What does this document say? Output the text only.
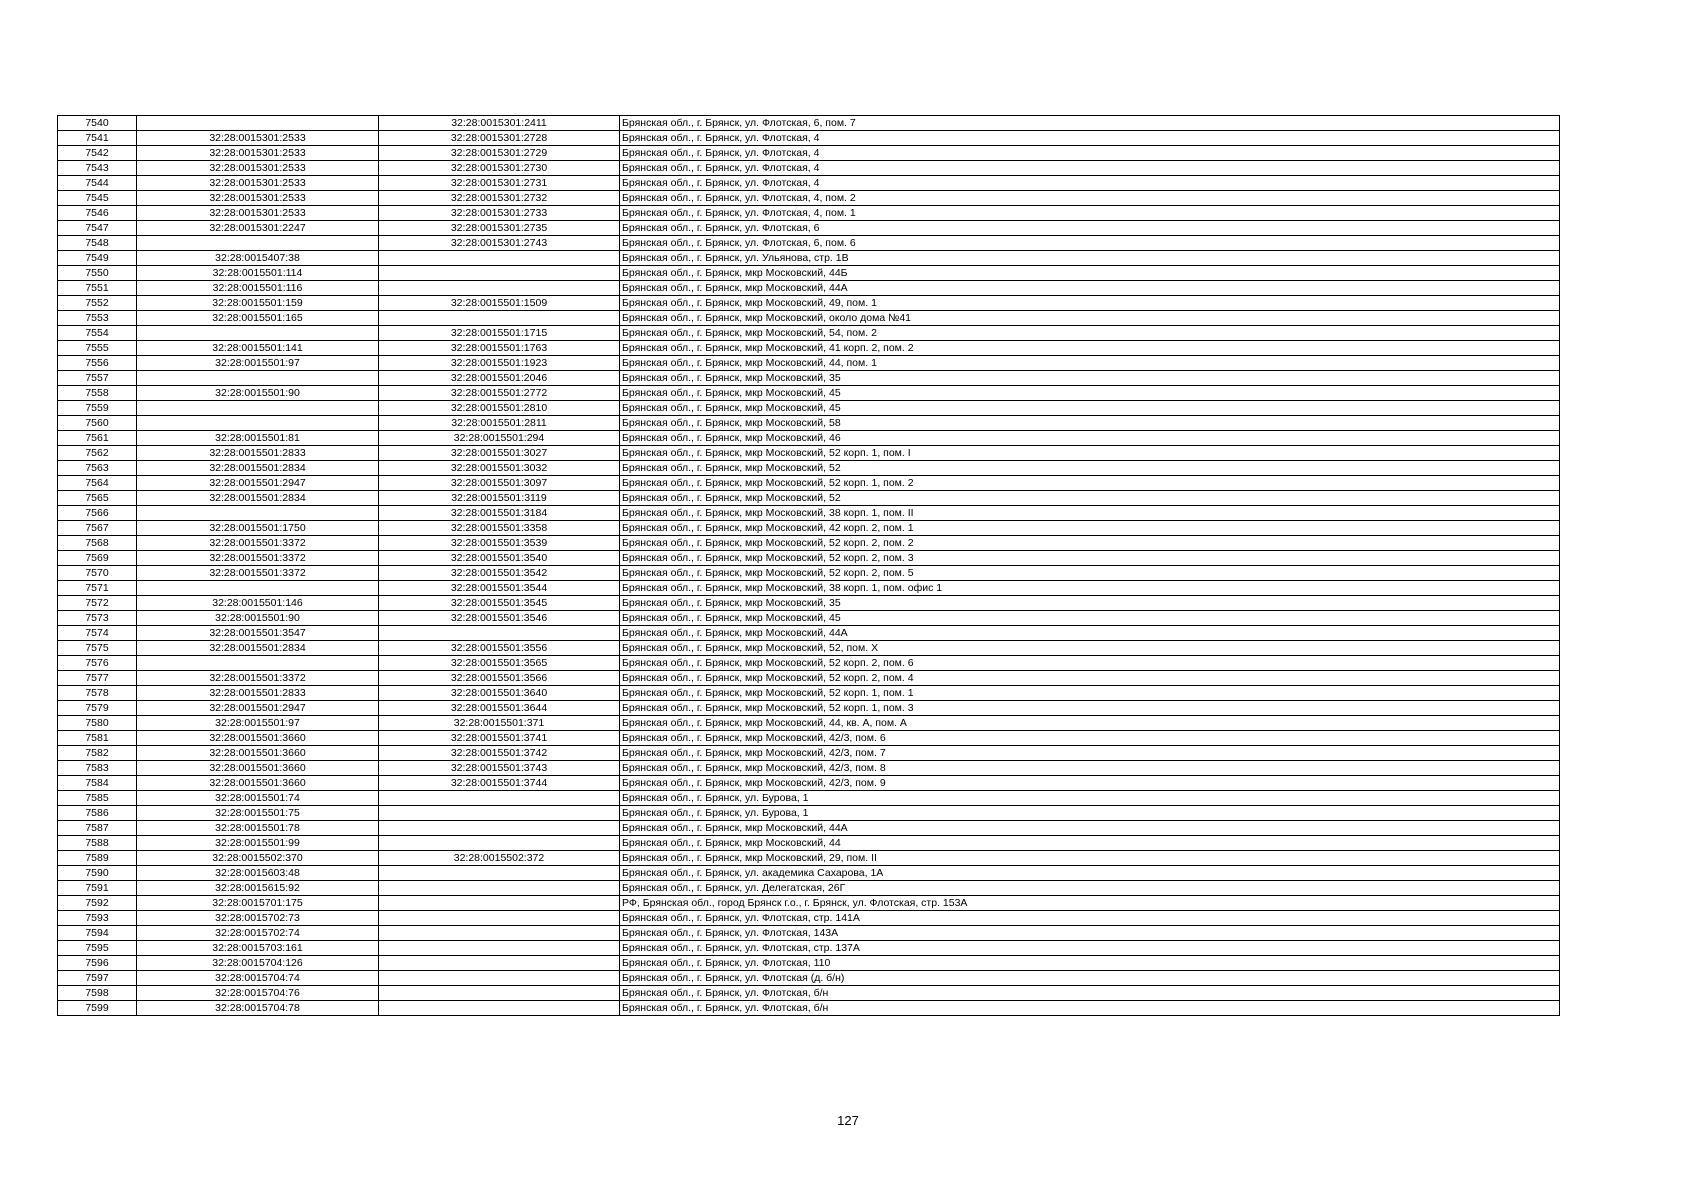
7540		32:28:0015301:2411	Брянская обл., г. Брянск, ул. Флотская, 6, пом. 7
7541	32:28:0015301:2533	32:28:0015301:2728	Брянская обл., г. Брянск, ул. Флотская, 4
7542	32:28:0015301:2533	32:28:0015301:2729	Брянская обл., г. Брянск, ул. Флотская, 4
7543	32:28:0015301:2533	32:28:0015301:2730	Брянская обл., г. Брянск, ул. Флотская, 4
7544	32:28:0015301:2533	32:28:0015301:2731	Брянская обл., г. Брянск, ул. Флотская, 4
7545	32:28:0015301:2533	32:28:0015301:2732	Брянская обл., г. Брянск, ул. Флотская, 4, пом. 2
7546	32:28:0015301:2533	32:28:0015301:2733	Брянская обл., г. Брянск, ул. Флотская, 4, пом. 1
7547	32:28:0015301:2247	32:28:0015301:2735	Брянская обл., г. Брянск, ул. Флотская, 6
7548		32:28:0015301:2743	Брянская обл., г. Брянск, ул. Флотская, 6, пом. 6
7549	32:28:0015407:38		Брянская обл., г. Брянск, ул. Ульянова, стр. 1В
7550	32:28:0015501:114		Брянская обл., г. Брянск, мкр Московский, 44Б
7551	32:28:0015501:116		Брянская обл., г. Брянск, мкр Московский, 44А
7552	32:28:0015501:159	32:28:0015501:1509	Брянская обл., г. Брянск, мкр Московский, 49, пом. 1
7553	32:28:0015501:165		Брянская обл., г. Брянск, мкр Московский, около дома №41
7554		32:28:0015501:1715	Брянская обл., г. Брянск, мкр Московский, 54, пом. 2
7555	32:28:0015501:141	32:28:0015501:1763	Брянская обл., г. Брянск, мкр Московский, 41 корп. 2, пом. 2
7556	32:28:0015501:97	32:28:0015501:1923	Брянская обл., г. Брянск, мкр Московский, 44, пом. 1
7557		32:28:0015501:2046	Брянская обл., г. Брянск, мкр Московский, 35
7558	32:28:0015501:90	32:28:0015501:2772	Брянская обл., г. Брянск, мкр Московский, 45
7559		32:28:0015501:2810	Брянская обл., г. Брянск, мкр Московский, 45
7560		32:28:0015501:2811	Брянская обл., г. Брянск, мкр Московский, 58
7561	32:28:0015501:81	32:28:0015501:294	Брянская обл., г. Брянск, мкр Московский, 46
7562	32:28:0015501:2833	32:28:0015501:3027	Брянская обл., г. Брянск, мкр Московский, 52 корп. 1, пом. I
7563	32:28:0015501:2834	32:28:0015501:3032	Брянская обл., г. Брянск, мкр Московский, 52
7564	32:28:0015501:2947	32:28:0015501:3097	Брянская обл., г. Брянск, мкр Московский, 52 корп. 1, пом. 2
7565	32:28:0015501:2834	32:28:0015501:3119	Брянская обл., г. Брянск, мкр Московский, 52
7566		32:28:0015501:3184	Брянская обл., г. Брянск, мкр Московский, 38 корп. 1, пом. II
7567	32:28:0015501:1750	32:28:0015501:3358	Брянская обл., г. Брянск, мкр Московский, 42 корп. 2, пом. 1
7568	32:28:0015501:3372	32:28:0015501:3539	Брянская обл., г. Брянск, мкр Московский, 52 корп. 2, пом. 2
7569	32:28:0015501:3372	32:28:0015501:3540	Брянская обл., г. Брянск, мкр Московский, 52 корп. 2, пом. 3
7570	32:28:0015501:3372	32:28:0015501:3542	Брянская обл., г. Брянск, мкр Московский, 52 корп. 2, пом. 5
7571		32:28:0015501:3544	Брянская обл., г. Брянск, мкр Московский, 38 корп. 1, пом. офис 1
7572	32:28:0015501:146	32:28:0015501:3545	Брянская обл., г. Брянск, мкр Московский, 35
7573	32:28:0015501:90	32:28:0015501:3546	Брянская обл., г. Брянск, мкр Московский, 45
7574	32:28:0015501:3547		Брянская обл., г. Брянск, мкр Московский, 44А
7575	32:28:0015501:2834	32:28:0015501:3556	Брянская обл., г. Брянск, мкр Московский, 52, пом. X
7576		32:28:0015501:3565	Брянская обл., г. Брянск, мкр Московский, 52 корп. 2, пом. 6
7577	32:28:0015501:3372	32:28:0015501:3566	Брянская обл., г. Брянск, мкр Московский, 52 корп. 2, пом. 4
7578	32:28:0015501:2833	32:28:0015501:3640	Брянская обл., г. Брянск, мкр Московский, 52 корп. 1, пом. 1
7579	32:28:0015501:2947	32:28:0015501:3644	Брянская обл., г. Брянск, мкр Московский, 52 корп. 1, пом. 3
7580	32:28:0015501:97	32:28:0015501:371	Брянская обл., г. Брянск, мкр Московский, 44, кв. А, пом. А
7581	32:28:0015501:3660	32:28:0015501:3741	Брянская обл., г. Брянск, мкр Московский, 42/3, пом. 6
7582	32:28:0015501:3660	32:28:0015501:3742	Брянская обл., г. Брянск, мкр Московский, 42/3, пом. 7
7583	32:28:0015501:3660	32:28:0015501:3743	Брянская обл., г. Брянск, мкр Московский, 42/3, пом. 8
7584	32:28:0015501:3660	32:28:0015501:3744	Брянская обл., г. Брянск, мкр Московский, 42/3, пом. 9
7585	32:28:0015501:74		Брянская обл., г. Брянск, ул. Бурова, 1
7586	32:28:0015501:75		Брянская обл., г. Брянск, ул. Бурова, 1
7587	32:28:0015501:78		Брянская обл., г. Брянск, мкр Московский, 44А
7588	32:28:0015501:99		Брянская обл., г. Брянск, мкр Московский, 44
7589	32:28:0015502:370	32:28:0015502:372	Брянская обл., г. Брянск, мкр Московский, 29, пом. II
7590	32:28:0015603:48		Брянская обл., г. Брянск, ул. академика Сахарова, 1А
7591	32:28:0015615:92		Брянская обл., г. Брянск, ул. Делегатская, 26Г
7592	32:28:0015701:175		РФ, Брянская обл., город Брянск г.о., г. Брянск, ул. Флотская, стр. 153А
7593	32:28:0015702:73		Брянская обл., г. Брянск, ул. Флотская, стр. 141А
7594	32:28:0015702:74		Брянская обл., г. Брянск, ул. Флотская, 143А
7595	32:28:0015703:161		Брянская обл., г. Брянск, ул. Флотская, стр. 137А
7596	32:28:0015704:126		Брянская обл., г. Брянск, ул. Флотская, 110
7597	32:28:0015704:74		Брянская обл., г. Брянск, ул. Флотская (д. б/н)
7598	32:28:0015704:76		Брянская обл., г. Брянск, ул. Флотская, б/н
7599	32:28:0015704:78		Брянская обл., г. Брянск, ул. Флотская, б/н
127
